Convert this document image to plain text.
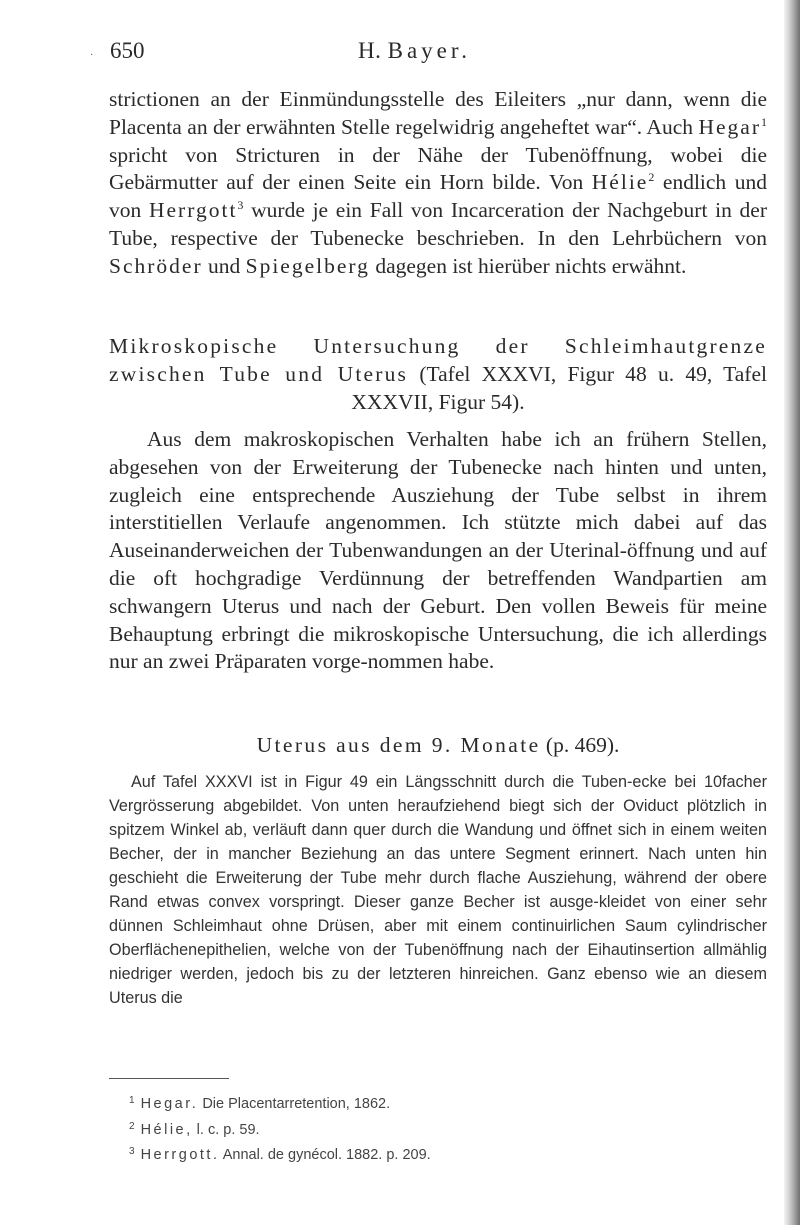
· 650	H. Bayer.
strictionen an der Einmündungsstelle des Eileiters „nur dann, wenn die Placenta an der erwähnten Stelle regelwidrig angeheftet war“. Auch Hegar$^1$ spricht von Stricturen in der Nähe der Tubenöffnung, wobei die Gebärmutter auf der einen Seite ein Horn bilde. Von Hélie$^2$ endlich und von Herrgott$^3$ wurde je ein Fall von Incarceration der Nachgeburt in der Tube, respective der Tubenecke beschrieben. In den Lehrbüchern von Schröder und Spiegelberg dagegen ist hierüber nichts erwähnt.
Mikroskopische Untersuchung der Schleimhautgrenze zwischen Tube und Uterus (Tafel XXXVI, Figur 48 u. 49, Tafel XXXVII, Figur 54).
Aus dem makroskopischen Verhalten habe ich an frühern Stellen, abgesehen von der Erweiterung der Tubenecke nach hinten und unten, zugleich eine entsprechende Ausziehung der Tube selbst in ihrem interstitiellen Verlaufe angenommen. Ich stützte mich dabei auf das Auseinanderweichen der Tubenwandungen an der Uterinal-öffnung und auf die oft hochgradige Verdünnung der betreffenden Wandpartien am schwangern Uterus und nach der Geburt. Den vollen Beweis für meine Behauptung erbringt die mikroskopische Untersuchung, die ich allerdings nur an zwei Präparaten vorge-nommen habe.
Uterus aus dem 9. Monate (p. 469).
Auf Tafel XXXVI ist in Figur 49 ein Längsschnitt durch die Tuben-ecke bei 10facher Vergrösserung abgebildet. Von unten heraufziehend biegt sich der Oviduct plötzlich in spitzem Winkel ab, verläuft dann quer durch die Wandung und öffnet sich in einem weiten Becher, der in mancher Beziehung an das untere Segment erinnert. Nach unten hin geschieht die Erweiterung der Tube mehr durch flache Ausziehung, während der obere Rand etwas convex vorspringt. Dieser ganze Becher ist ausge-kleidet von einer sehr dünnen Schleimhaut ohne Drüsen, aber mit einem continuirlichen Saum cylindrischer Oberflächenepithelien, welche von der Tubenöffnung nach der Eihautinsertion allmählig niedriger werden, jedoch bis zu der letzteren hinreichen. Ganz ebenso wie an diesem Uterus die
$^1$ Hegar. Die Placentarretention, 1862.
$^2$ Hélie, l. c. p. 59.
$^3$ Herrgott. Annal. de gynécol. 1882. p. 209.
